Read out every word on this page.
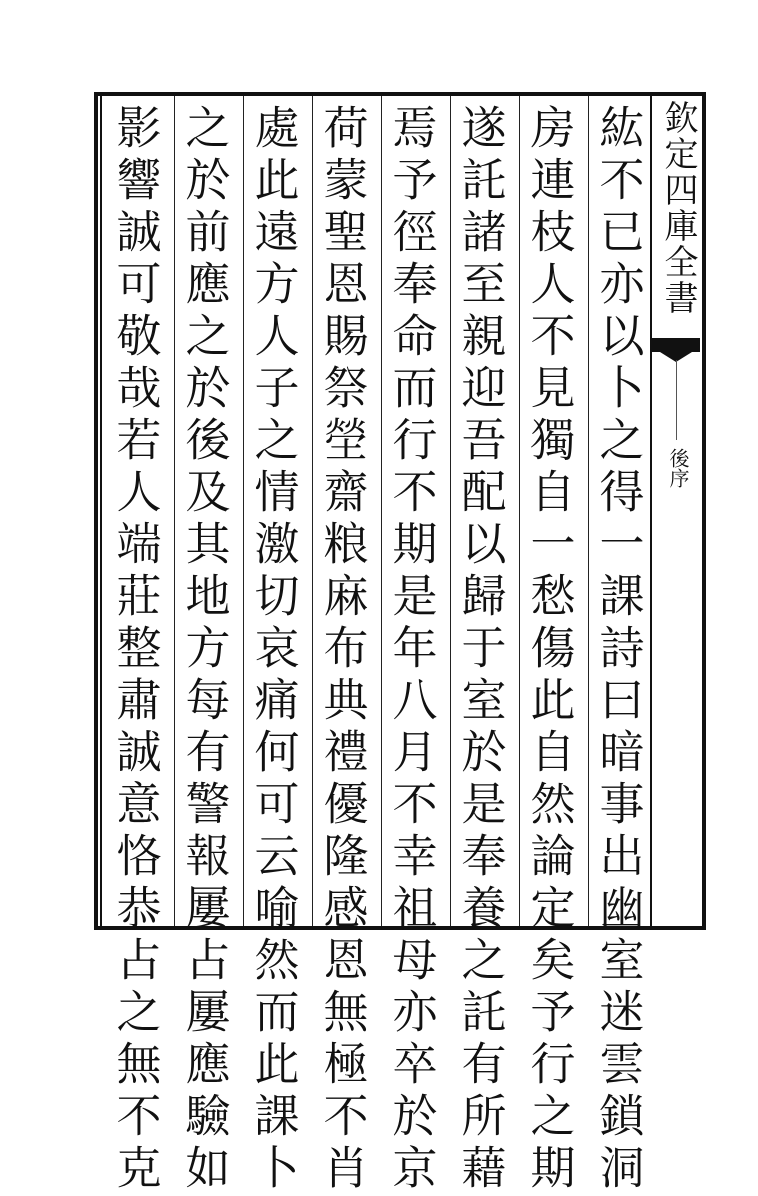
紘不已亦以卜之得一課詩曰暗事出幽室迷雲鎖洞
房連枝人不見獨自一愁傷此自然論定矣予行之期
遂託諸至親迎吾配以歸于室於是奉養之託有所藉
焉予徑奉命而行不期是年八月不幸祖母亦卒於京
荷蒙聖恩賜祭塋齋粮麻布典禮優隆感恩無極不肖
處此遠方人子之情激切哀痛何可云喻然而此課卜
之於前應之於後及其地方每有警報屢占屢應驗如
影響誠可敬哉若人端莊整肅誠意恪恭占之無不克	欽定四庫全書
後序
